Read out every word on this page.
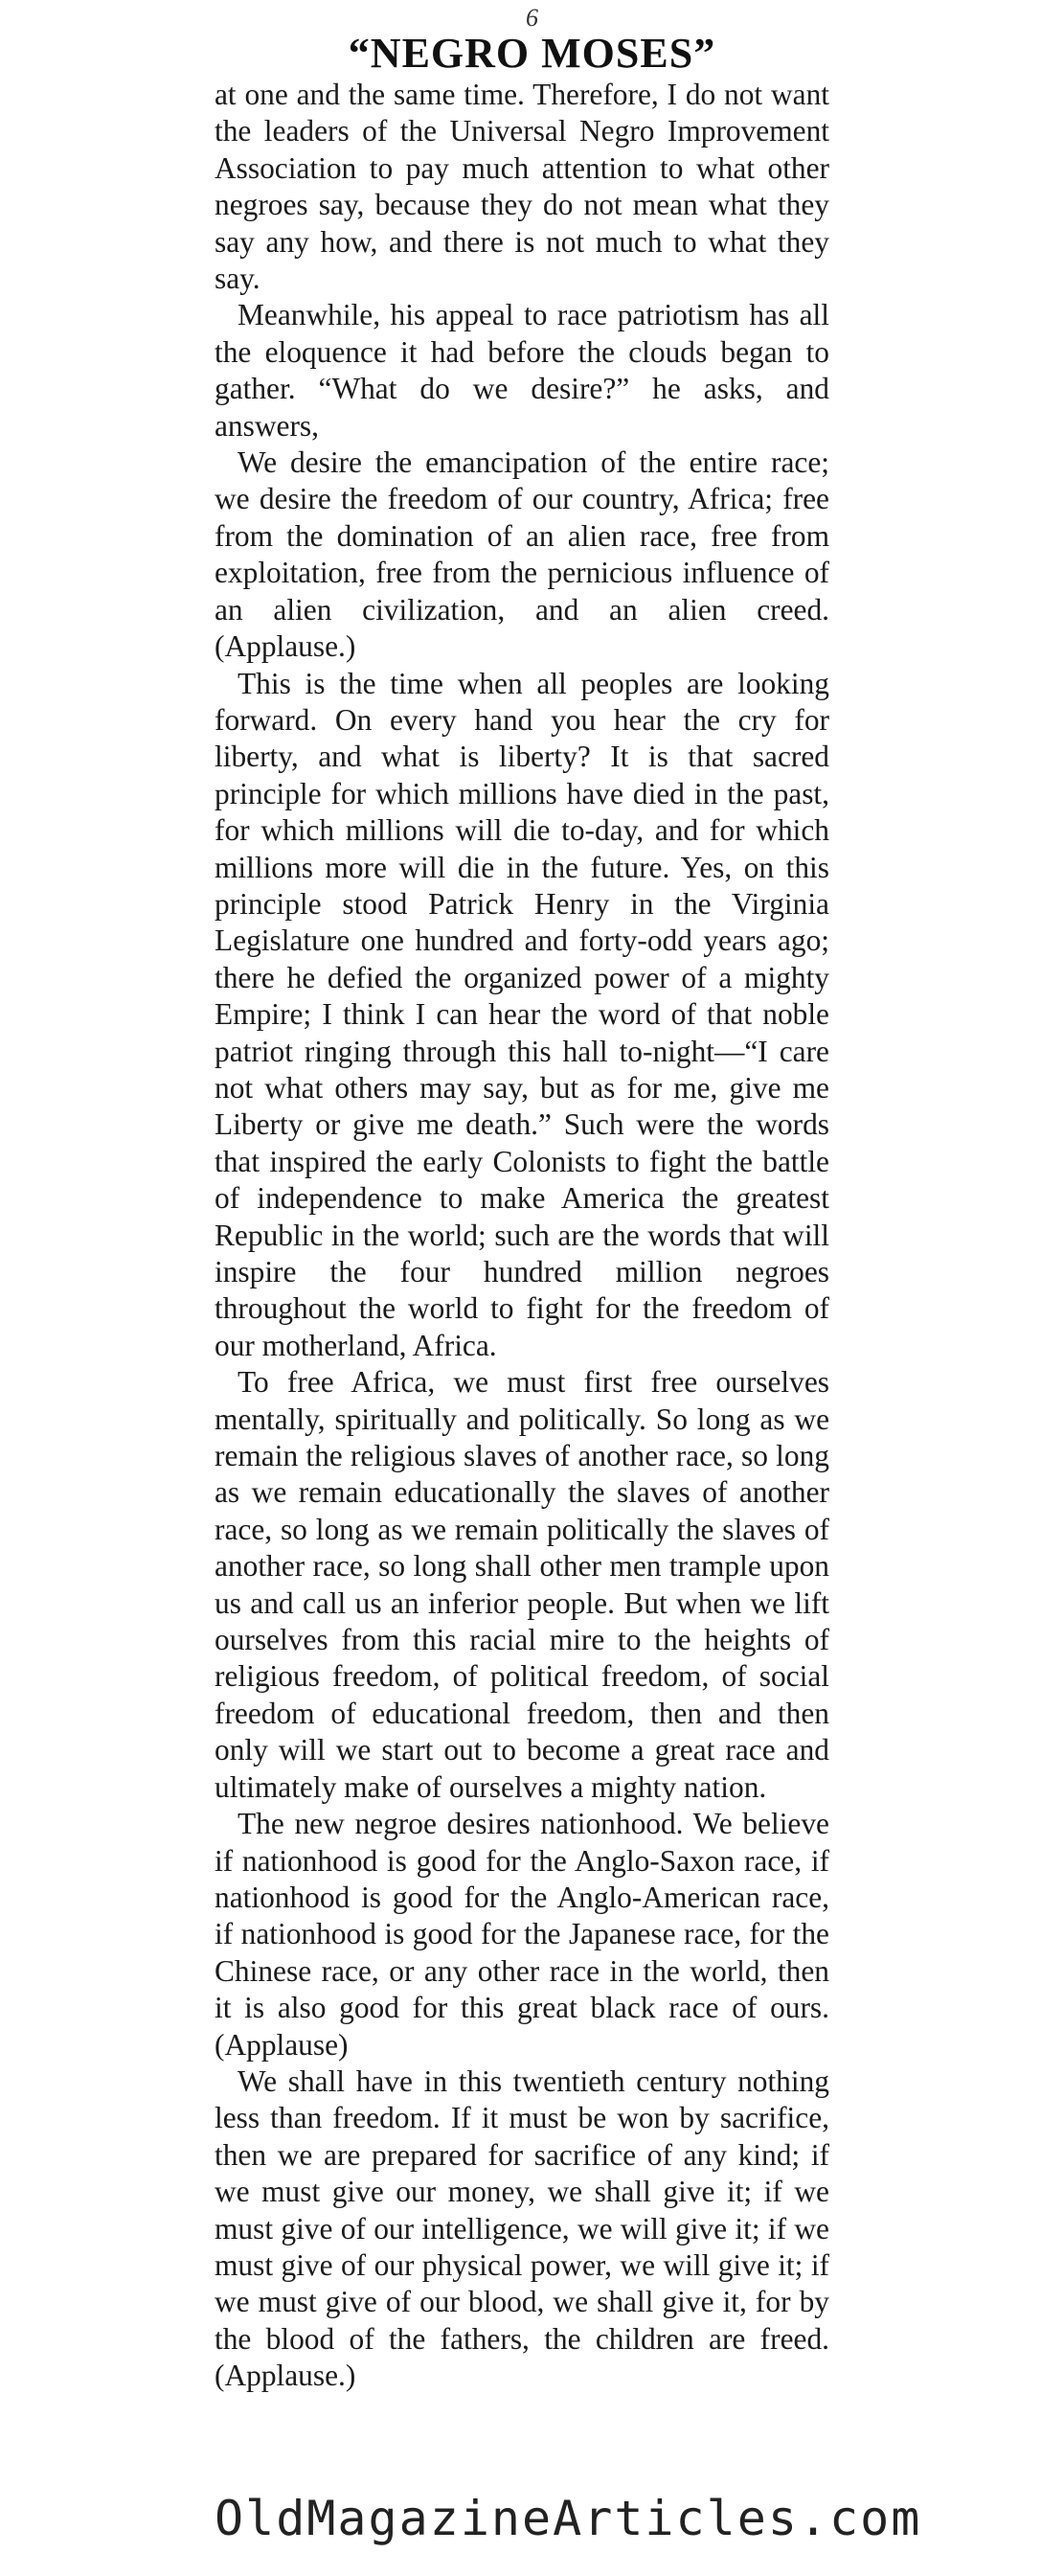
6
“NEGRO MOSES”

at one and the same time. Therefore, I do not want the leaders of the Universal Negro Improvement Association to pay much attention to what other negroes say, because they do not mean what they say any how, and there is not much to what they say.

Meanwhile, his appeal to race patriotism has all the eloquence it had before the clouds began to gather. “What do we desire?” he asks, and answers,

We desire the emancipation of the entire race; we desire the freedom of our country, Africa; free from the domination of an alien race, free from exploitation, free from the pernicious influence of an alien civilization, and an alien creed. (Applause.)

This is the time when all peoples are looking forward. On every hand you hear the cry for liberty, and what is liberty? It is that sacred principle for which millions have died in the past, for which millions will die to-day, and for which millions more will die in the future. Yes, on this principle stood Patrick Henry in the Virginia Legislature one hundred and forty-odd years ago; there he defied the organized power of a mighty Empire; I think I can hear the word of that noble patriot ringing through this hall to-night—“I care not what others may say, but as for me, give me Liberty or give me death.” Such were the words that inspired the early Colonists to fight the battle of independence to make America the greatest Republic in the world; such are the words that will inspire the four hundred million negroes throughout the world to fight for the freedom of our motherland, Africa.

To free Africa, we must first free ourselves mentally, spiritually and politically. So long as we remain the religious slaves of another race, so long as we remain educationally the slaves of another race, so long as we remain politically the slaves of another race, so long shall other men trample upon us and call us an inferior people. But when we lift ourselves from this racial mire to the heights of religious freedom, of political freedom, of social freedom of educational freedom, then and then only will we start out to become a great race and ultimately make of ourselves a mighty nation.

The new negroe desires nationhood. We believe if nationhood is good for the Anglo-Saxon race, if nationhood is good for the Anglo-American race, if nationhood is good for the Japanese race, for the Chinese race, or any other race in the world, then it is also good for this great black race of ours. (Applause)

We shall have in this twentieth century nothing less than freedom. If it must be won by sacrifice, then we are prepared for sacrifice of any kind; if we must give our money, we shall give it; if we must give of our intelligence, we will give it; if we must give of our physical power, we will give it; if we must give of our blood, we shall give it, for by the blood of the fathers, the children are freed. (Applause.)

OldMagazineArticles.com
